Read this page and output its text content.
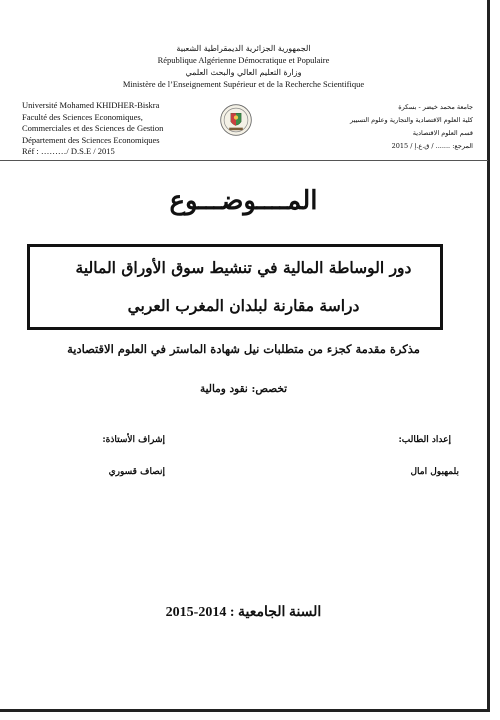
الجمهورية الجزائرية الديمقراطية الشعبية
République Algérienne Démocratique et Populaire
وزارة التعليم العالي والبحث العلمي
Ministère de l’Enseignement Supérieur et de la Recherche Scientifique
Université Mohamed KHIDHER-Biskra
Faculté des Sciences Economiques,
Commerciales et des Sciences de Gestion
Département des Sciences Economiques
Réf : ………/ D.S.E / 2015
جامعة محمد خيضر - بسكرة
كلية العلوم الاقتصادية والتجارية وعلوم التسيير
قسم العلوم الاقتصادية
المرجع: ....... / ق.ع.إ / 2015
المــــوضـــوع
دور الوساطة المالية في تنشيط سوق الأوراق المالية
دراسة مقارنة لبلدان المغرب العربي
مذكرة مقدمة كجزء من متطلبات نيل شهادة الماستر في العلوم الاقتصادية
تخصص: نقود ومالية
إعداد الطالب:
إشراف الأستاذة:
بلمهبول امال
إنصاف قسوري
السنة الجامعية : 2014-2015
